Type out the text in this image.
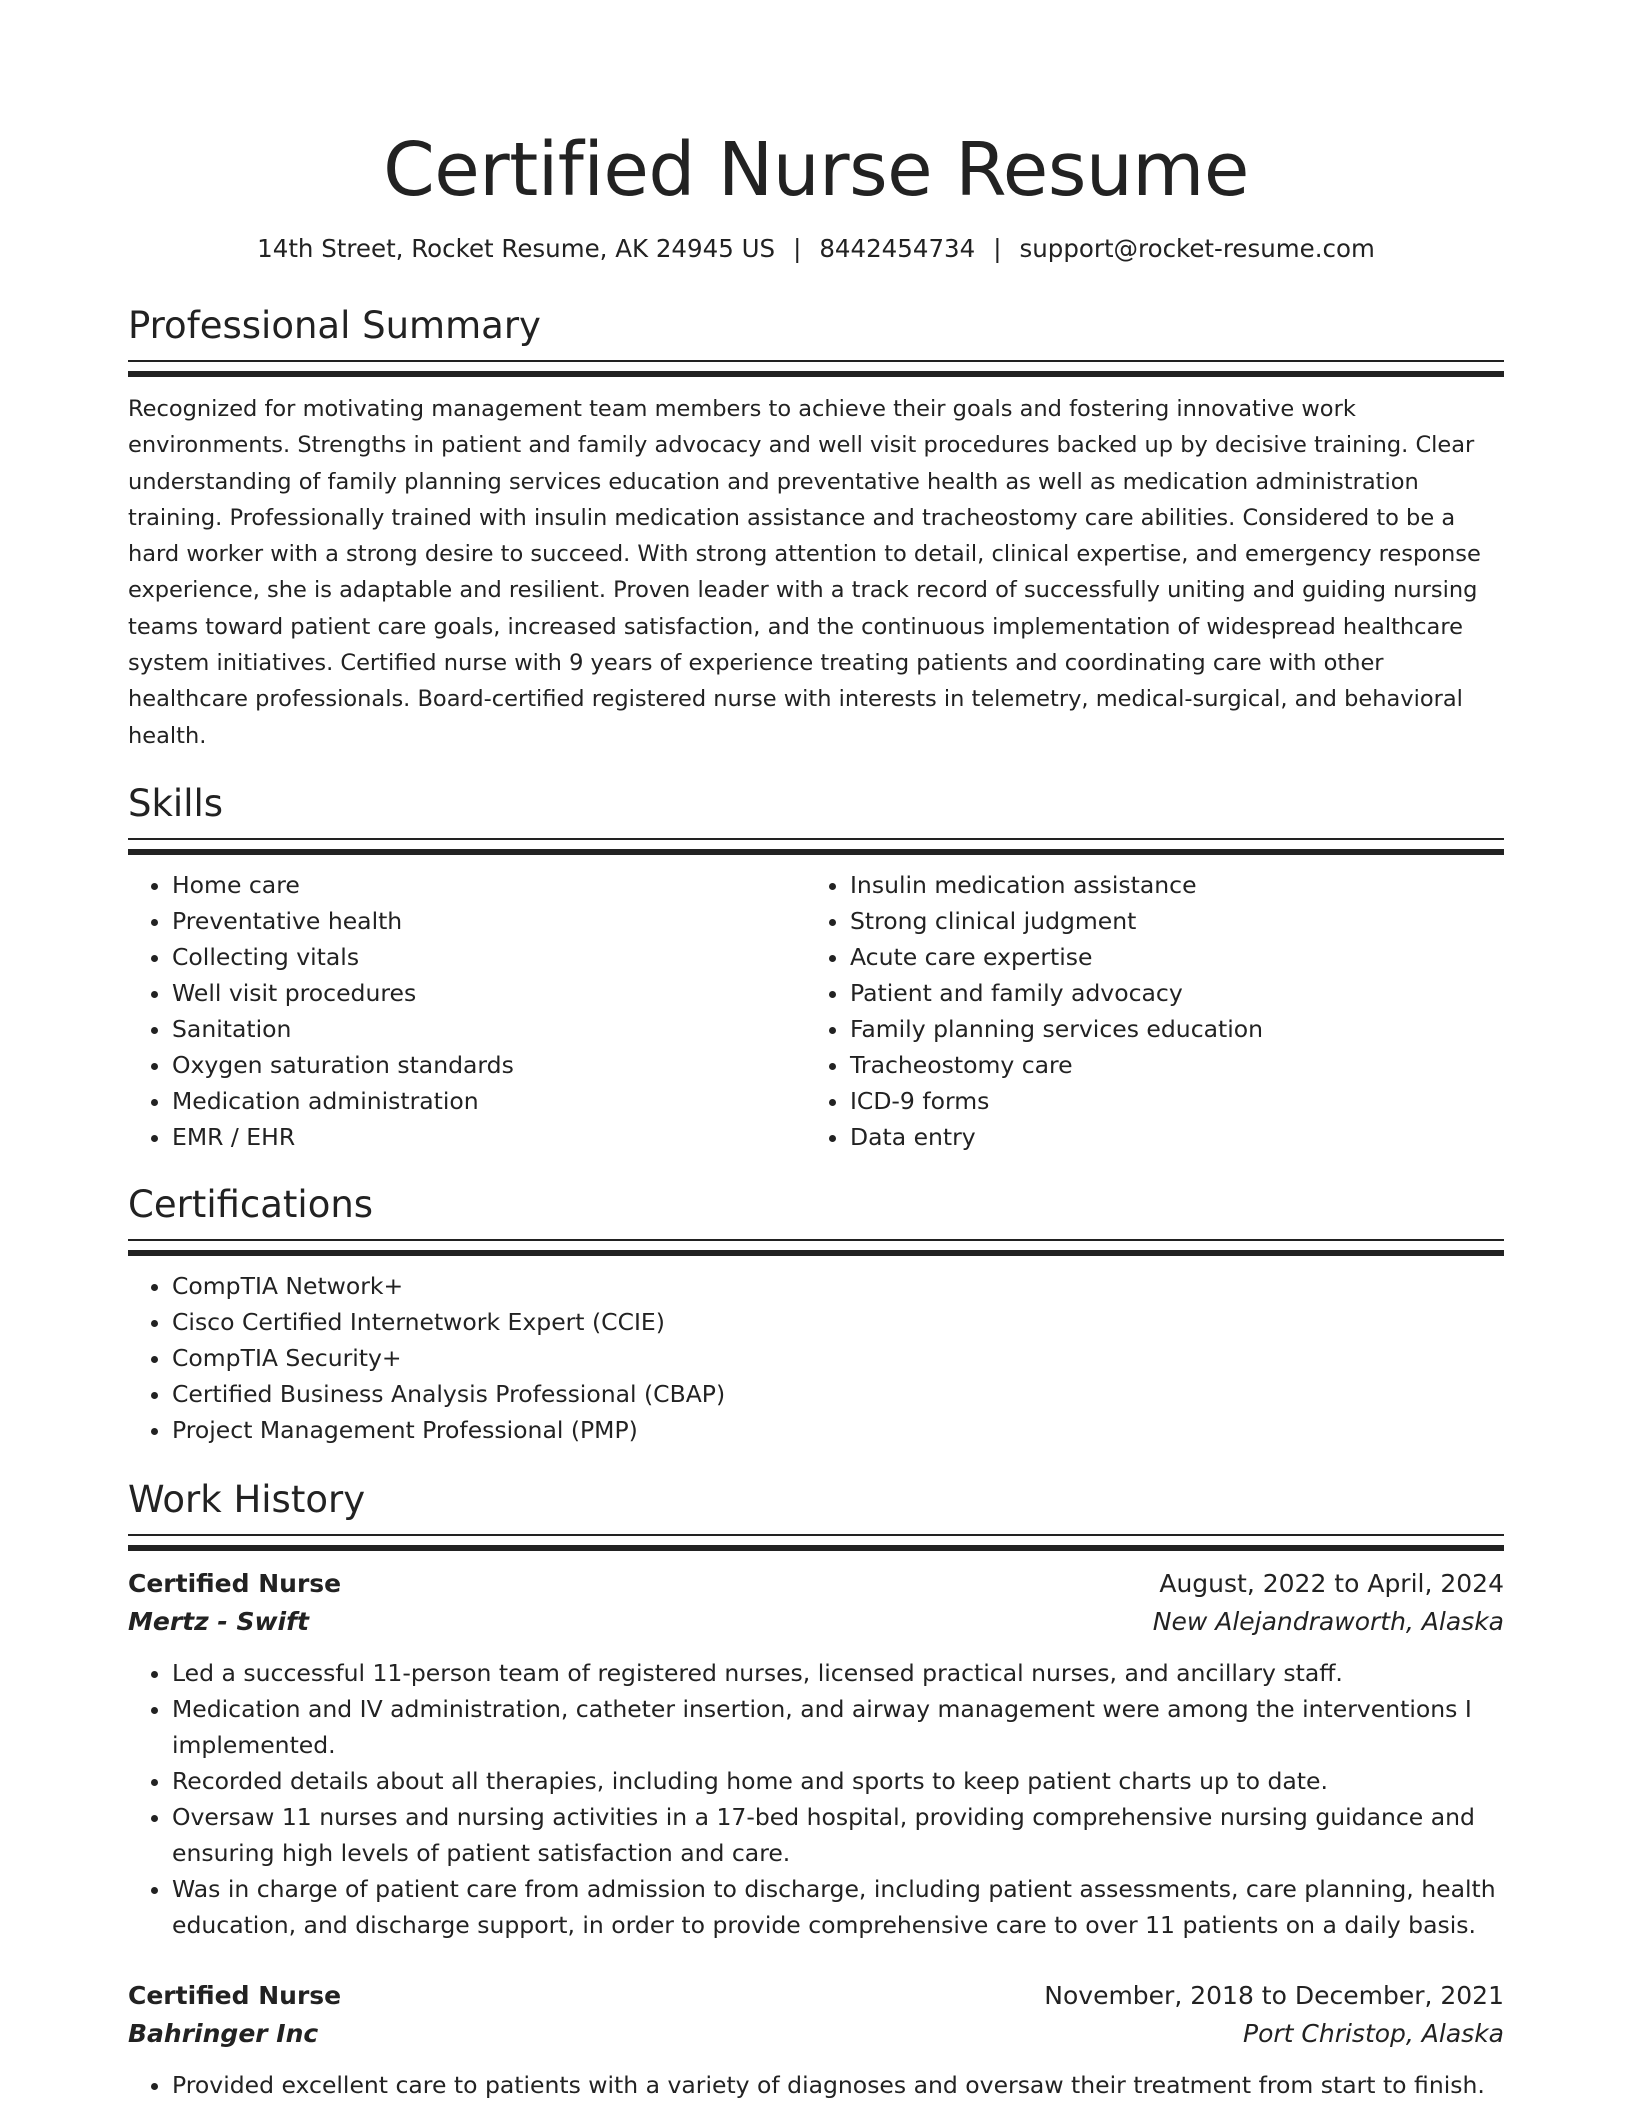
Certified Nurse Resume
14th Street, Rocket Resume, AK 24945 US | 8442454734 | support@rocket-resume.com
Professional Summary

Recognized for motivating management team members to achieve their goals and fostering innovative work environments. Strengths in patient and family advocacy and well visit procedures backed up by decisive training. Clear understanding of family planning services education and preventative health as well as medication administration training. Professionally trained with insulin medication assistance and tracheostomy care abilities. Considered to be a hard worker with a strong desire to succeed. With strong attention to detail, clinical expertise, and emergency response experience, she is adaptable and resilient. Proven leader with a track record of successfully uniting and guiding nursing teams toward patient care goals, increased satisfaction, and the continuous implementation of widespread healthcare system initiatives. Certified nurse with 9 years of experience treating patients and coordinating care with other healthcare professionals. Board-certified registered nurse with interests in telemetry, medical-surgical, and behavioral health.

Skills
• Home care
• Preventative health
• Collecting vitals
• Well visit procedures
• Sanitation
• Oxygen saturation standards
• Medication administration
• EMR / EHR
• Insulin medication assistance
• Strong clinical judgment
• Acute care expertise
• Patient and family advocacy
• Family planning services education
• Tracheostomy care
• ICD-9 forms
• Data entry
Certifications
• CompTIA Network+
• Cisco Certified Internetwork Expert (CCIE)
• CompTIA Security+
• Certified Business Analysis Professional (CBAP)
• Project Management Professional (PMP)
Work History
Certified Nurse	August, 2022 to April, 2024
Mertz - Swift	New Alejandraworth, Alaska
• Led a successful 11-person team of registered nurses, licensed practical nurses, and ancillary staff.
• Medication and IV administration, catheter insertion, and airway management were among the interventions I implemented.
• Recorded details about all therapies, including home and sports to keep patient charts up to date.
• Oversaw 11 nurses and nursing activities in a 17-bed hospital, providing comprehensive nursing guidance and ensuring high levels of patient satisfaction and care.
• Was in charge of patient care from admission to discharge, including patient assessments, care planning, health education, and discharge support, in order to provide comprehensive care to over 11 patients on a daily basis.
Certified Nurse	November, 2018 to December, 2021
Bahringer Inc	Port Christop, Alaska
• Provided excellent care to patients with a variety of diagnoses and oversaw their treatment from start to finish.
